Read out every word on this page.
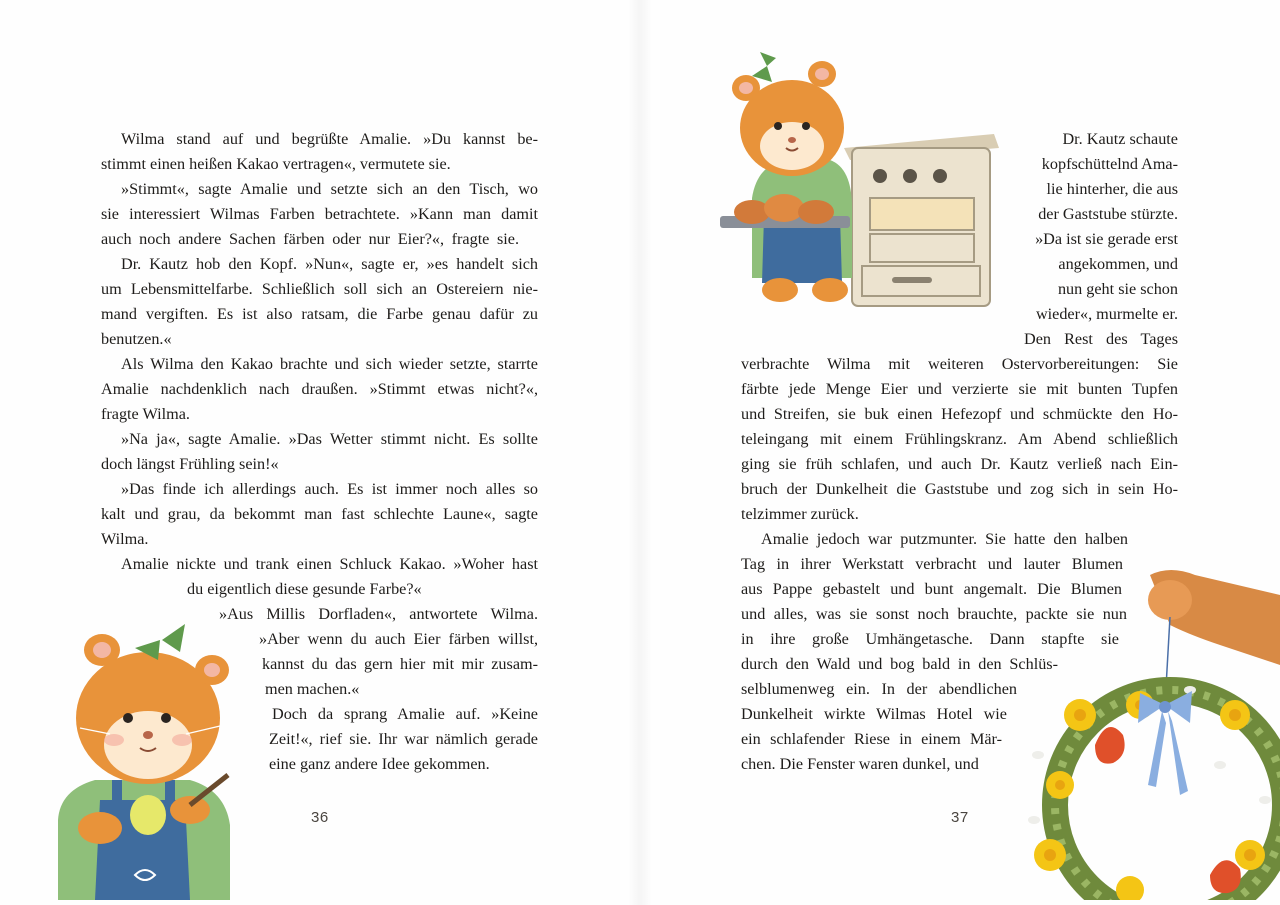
Wilma stand auf und begrüßte Amalie. »Du kannst be-
stimmt einen heißen Kakao vertragen«, vermutete sie.
»Stimmt«, sagte Amalie und setzte sich an den Tisch, wo
sie interessiert Wilmas Farben betrachtete. »Kann man damit
auch noch andere Sachen färben oder nur Eier?«, fragte sie.
Dr. Kautz hob den Kopf. »Nun«, sagte er, »es handelt sich
um Lebensmittelfarbe. Schließlich soll sich an Ostereiern nie-
mand vergiften. Es ist also ratsam, die Farbe genau dafür zu
benutzen.«
Als Wilma den Kakao brachte und sich wieder setzte, starrte
Amalie nachdenklich nach draußen. »Stimmt etwas nicht?«,
fragte Wilma.
»Na ja«, sagte Amalie. »Das Wetter stimmt nicht. Es sollte
doch längst Frühling sein!«
»Das finde ich allerdings auch. Es ist immer noch alles so
kalt und grau, da bekommt man fast schlechte Laune«, sagte
Wilma.
Amalie nickte und trank einen Schluck Kakao. »Woher hast
du eigentlich diese gesunde Farbe?«
»Aus Millis Dorfladen«, antwortete Wilma.
»Aber wenn du auch Eier färben willst,
kannst du das gern hier mit mir zusam-
men machen.«
Doch da sprang Amalie auf. »Keine
Zeit!«, rief sie. Ihr war nämlich gerade
eine ganz andere Idee gekommen.
36
Dr. Kautz schaute
kopfschüttelnd Ama-
lie hinterher, die aus
der Gaststube stürzte.
»Da ist sie gerade erst
angekommen, und
nun geht sie schon
wieder«, murmelte er.
Den Rest des Tages
verbrachte Wilma mit weiteren Ostervorbereitungen: Sie
färbte jede Menge Eier und verzierte sie mit bunten Tupfen
und Streifen, sie buk einen Hefezopf und schmückte den Ho-
teleingang mit einem Frühlingskranz. Am Abend schließlich
ging sie früh schlafen, und auch Dr. Kautz verließ nach Ein-
bruch der Dunkelheit die Gaststube und zog sich in sein Ho-
telzimmer zurück.
Amalie jedoch war putzmunter. Sie hatte den halben
Tag in ihrer Werkstatt verbracht und lauter Blumen
aus Pappe gebastelt und bunt angemalt. Die Blumen
und alles, was sie sonst noch brauchte, packte sie nun
in ihre große Umhängetasche. Dann stapfte sie
durch den Wald und bog bald in den Schlüs-
selblumenweg ein. In der abendlichen
Dunkelheit wirkte Wilmas Hotel wie
ein schlafender Riese in einem Mär-
chen. Die Fenster waren dunkel, und
37
